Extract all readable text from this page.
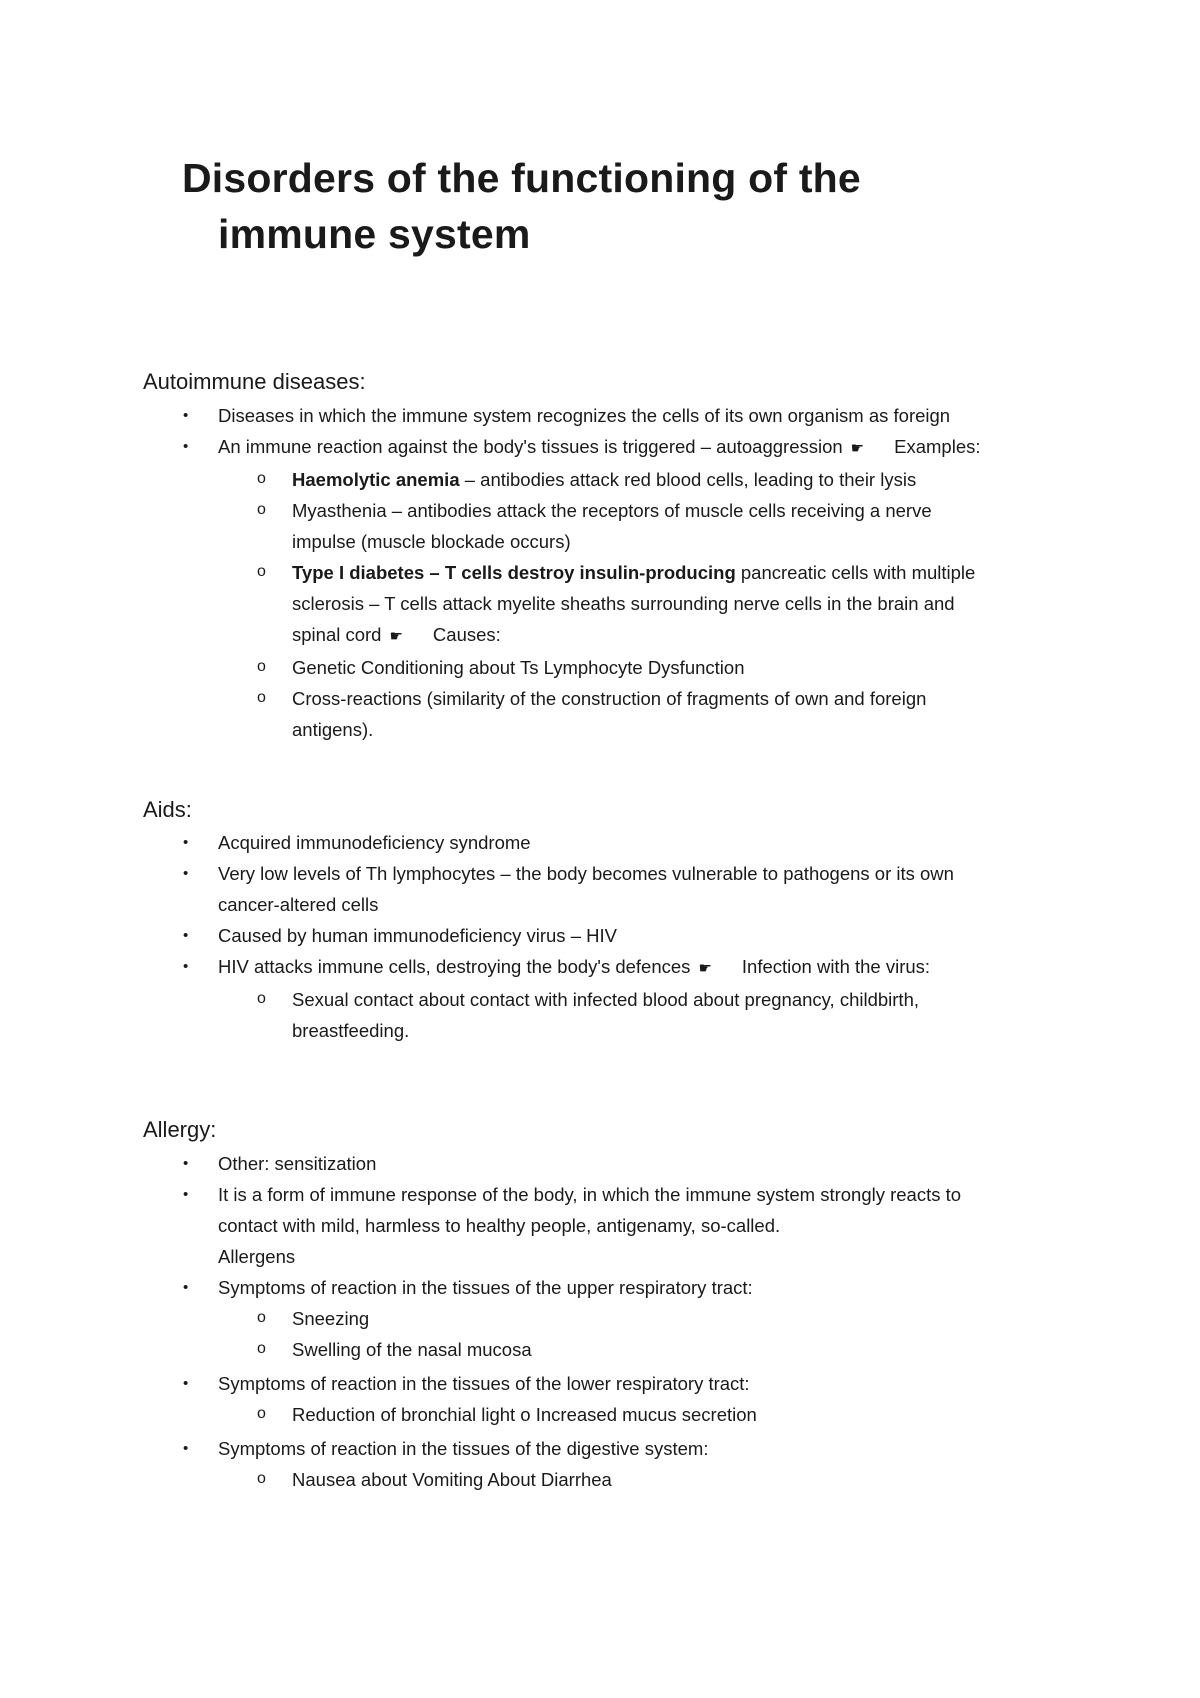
Disorders of the functioning of the
immune system
Autoimmune diseases:
• Diseases in which the immune system recognizes the cells of its own organism as foreign
• An immune reaction against the body's tissues is triggered – autoaggression ☛ Examples:
o Haemolytic anemia – antibodies attack red blood cells, leading to their lysis
o Myasthenia – antibodies attack the receptors of muscle cells receiving a nerve
impulse (muscle blockade occurs)
o Type I diabetes – T cells destroy insulin-producing pancreatic cells with multiple
sclerosis – T cells attack myelite sheaths surrounding nerve cells in the brain and
spinal cord ☛ Causes:
o Genetic Conditioning about Ts Lymphocyte Dysfunction
o Cross-reactions (similarity of the construction of fragments of own and foreign
antigens).
Aids:
• Acquired immunodeficiency syndrome
• Very low levels of Th lymphocytes – the body becomes vulnerable to pathogens or its own
cancer-altered cells
• Caused by human immunodeficiency virus – HIV
• HIV attacks immune cells, destroying the body's defences ☛ Infection with the virus:
o Sexual contact about contact with infected blood about pregnancy, childbirth,
breastfeeding.
Allergy:
• Other: sensitization
• It is a form of immune response of the body, in which the immune system strongly reacts to
contact with mild, harmless to healthy people, antigenamy, so-called.
Allergens
• Symptoms of reaction in the tissues of the upper respiratory tract:
o Sneezing
o Swelling of the nasal mucosa
• Symptoms of reaction in the tissues of the lower respiratory tract:
o Reduction of bronchial light o Increased mucus secretion
• Symptoms of reaction in the tissues of the digestive system:
o Nausea about Vomiting About Diarrhea
